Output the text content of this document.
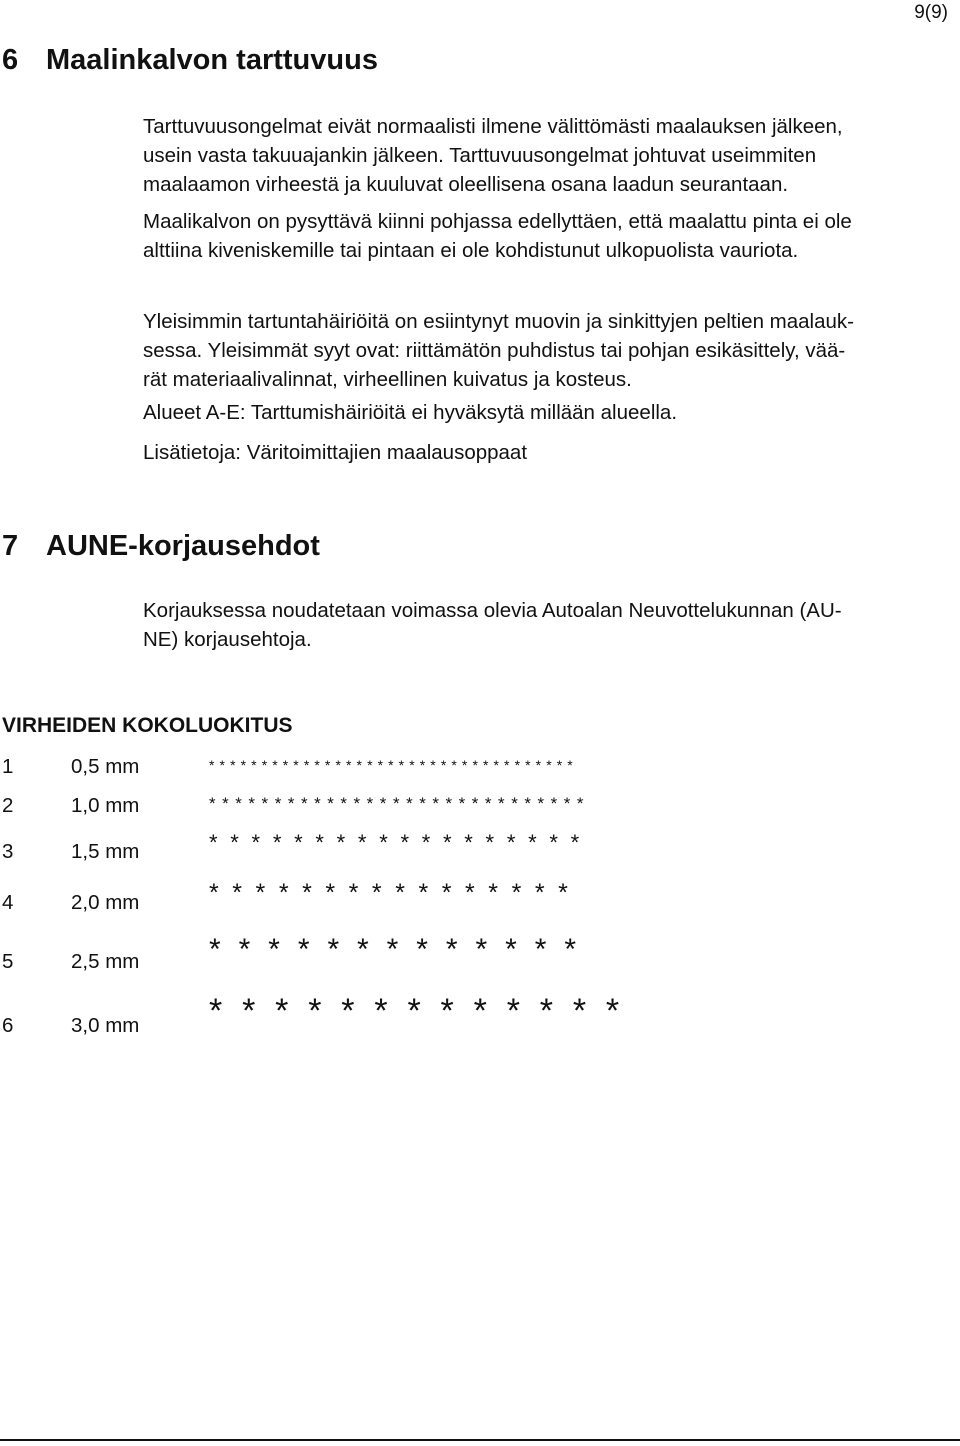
9(9)
6 Maalinkalvon tarttuvuus
Tarttuvuusongelmat eivät normaalisti ilmene välittömästi maalauksen jälkeen,
usein vasta takuuajankin jälkeen. Tarttuvuusongelmat johtuvat useimmiten
maalaamon virheestä ja kuuluvat oleellisena osana laadun seurantaan.
Maalikalvon on pysyttävä kiinni pohjassa edellyttäen, että maalattu pinta ei ole
alttiina kiveniskemille tai pintaan ei ole kohdistunut ulkopuolista vauriota.
Yleisimmin tartuntahäiriöitä on esiintynyt muovin ja sinkittyjen peltien maalauk-
sessa. Yleisimmät syyt ovat: riittämätön puhdistus tai pohjan esikäsittely, vää-
rät materiaalivalinnat, virheellinen kuivatus ja kosteus.
Alueet A-E: Tarttumishäiriöitä ei hyväksytä millään alueella.
Lisätietoja: Väritoimittajien maalausoppaat
7 AUNE-korjausehdot
Korjauksessa noudatetaan voimassa olevia Autoalan Neuvottelukunnan (AU-
NE) korjausehtoja.
VIRHEIDEN KOKOLUOKITUS
1	0,5 mm	* * * * * * * * * * * * * * * * * * * * * * * * * * * * * * * * * * *
2	1,0 mm	* * * * * * * * * * * * * * * * * * * * * * * * * * * * *
3	1,5 mm	* * * * * * * * * * * * * * * * * *
4	2,0 mm	* * * * * * * * * * * * * * * *
5	2,5 mm * * * * * * * * * * * * *
6	3,0 mm * * * * * * * * * * * * *
